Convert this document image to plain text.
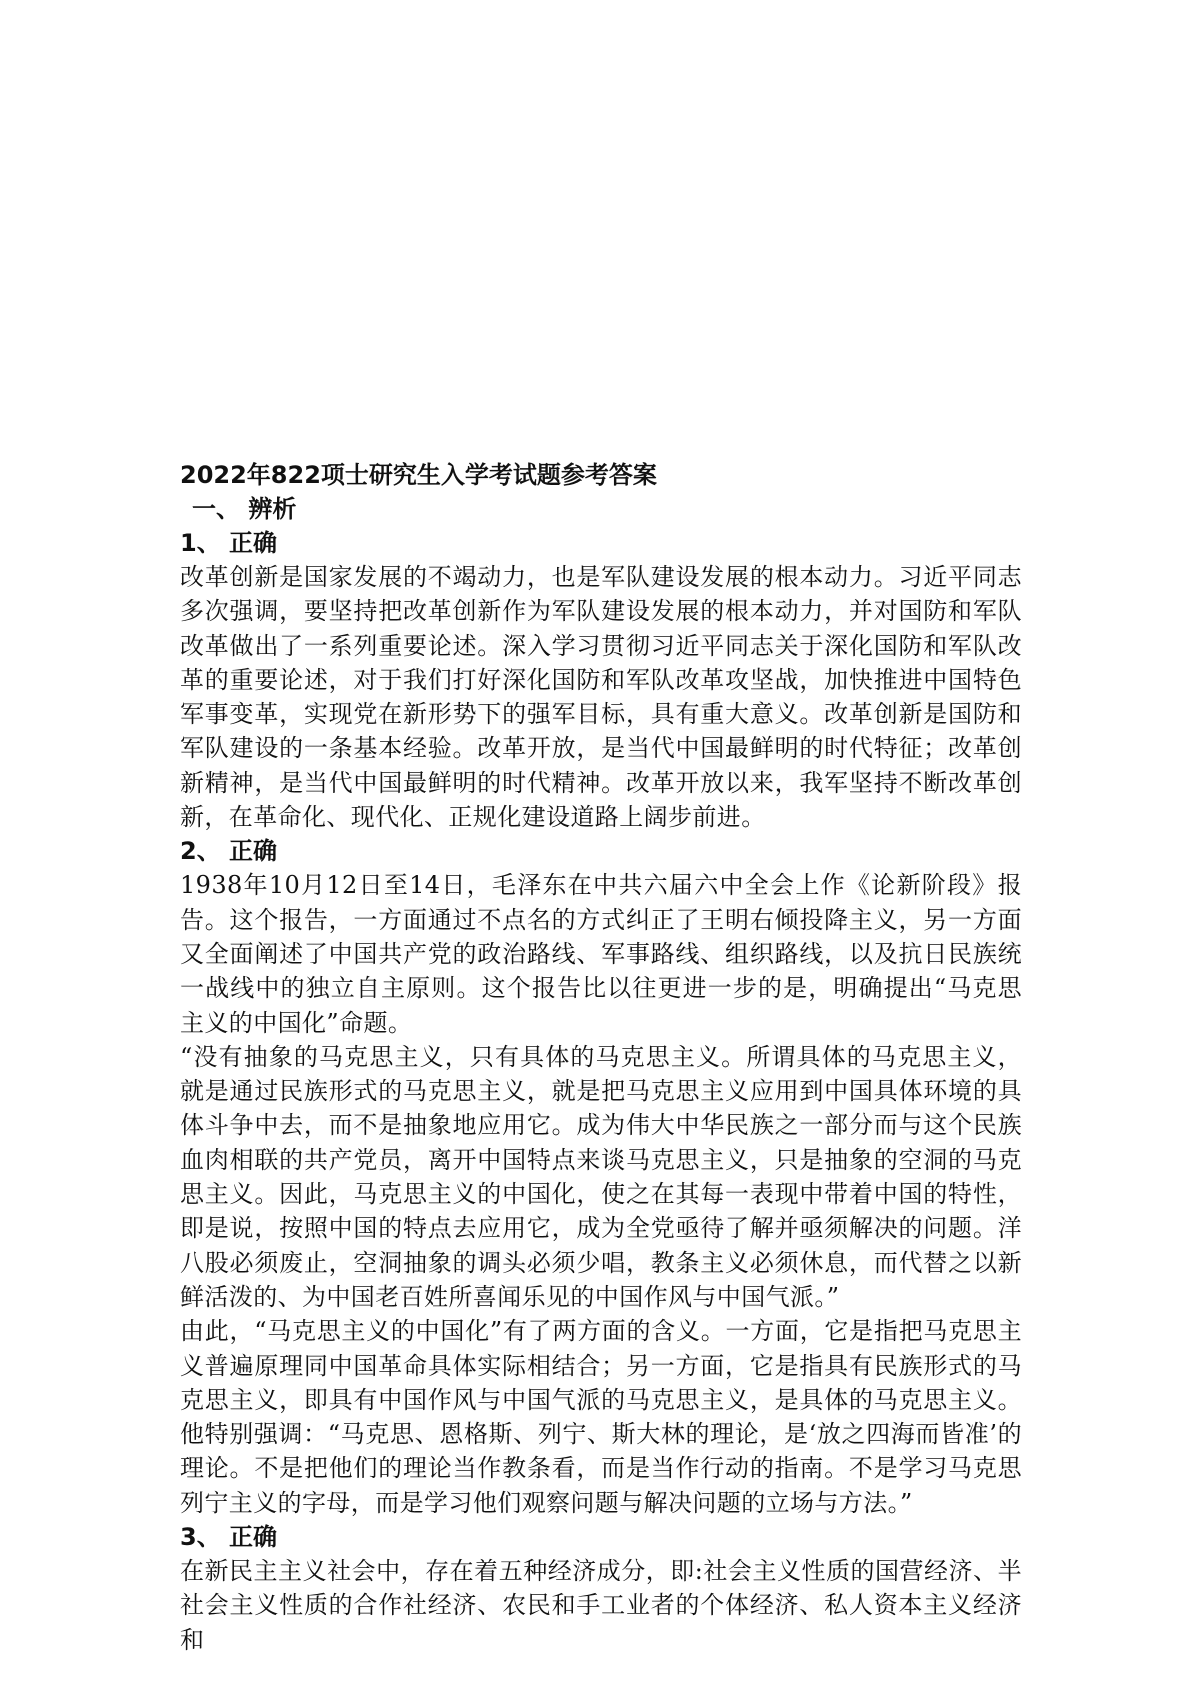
2022年822项士研究生入学考试题参考答案
一、 辨析
1、 正确

改革创新是国家发展的不竭动力，也是军队建设发展的根本动力。习近平同志多次强调，要坚持把改革创新作为军队建设发展的根本动力，并对国防和军队改革做出了一系列重要论述。深入学习贯彻习近平同志关于深化国防和军队改革的重要论述，对于我们打好深化国防和军队改革攻坚战，加快推进中国特色军事变革，实现党在新形势下的强军目标，具有重大意义。改革创新是国防和军队建设的一条基本经验。改革开放，是当代中国最鲜明的时代特征；改革创新精神，是当代中国最鲜明的时代精神。改革开放以来，我军坚持不断改革创新，在革命化、现代化、正规化建设道路上阔步前进。

2、 正确

1938年10月12日至14日，毛泽东在中共六届六中全会上作《论新阶段》报告。这个报告，一方面通过不点名的方式纠正了王明右倾投降主义，另一方面又全面阐述了中国共产党的政治路线、军事路线、组织路线，以及抗日民族统一战线中的独立自主原则。这个报告比以往更进一步的是，明确提出“马克思主义的中国化”命题。

“没有抽象的马克思主义，只有具体的马克思主义。所谓具体的马克思主义，就是通过民族形式的马克思主义，就是把马克思主义应用到中国具体环境的具体斗争中去，而不是抽象地应用它。成为伟大中华民族之一部分而与这个民族血肉相联的共产党员，离开中国特点来谈马克思主义，只是抽象的空洞的马克思主义。因此，马克思主义的中国化，使之在其每一表现中带着中国的特性，即是说，按照中国的特点去应用它，成为全党亟待了解并亟须解决的问题。洋八股必须废止，空洞抽象的调头必须少唱，教条主义必须休息，而代替之以新鲜活泼的、为中国老百姓所喜闻乐见的中国作风与中国气派。”

由此，“马克思主义的中国化”有了两方面的含义。一方面，它是指把马克思主义普遍原理同中国革命具体实际相结合；另一方面，它是指具有民族形式的马克思主义，即具有中国作风与中国气派的马克思主义，是具体的马克思主义。他特别强调：“马克思、恩格斯、列宁、斯大林的理论，是‘放之四海而皆准’的理论。不是把他们的理论当作教条看，而是当作行动的指南。不是学习马克思列宁主义的字母，而是学习他们观察问题与解决问题的立场与方法。”

3、 正确

在新民主主义社会中，存在着五种经济成分，即:社会主义性质的国营经济、半社会主义性质的合作社经济、农民和手工业者的个体经济、私人资本主义经济和
